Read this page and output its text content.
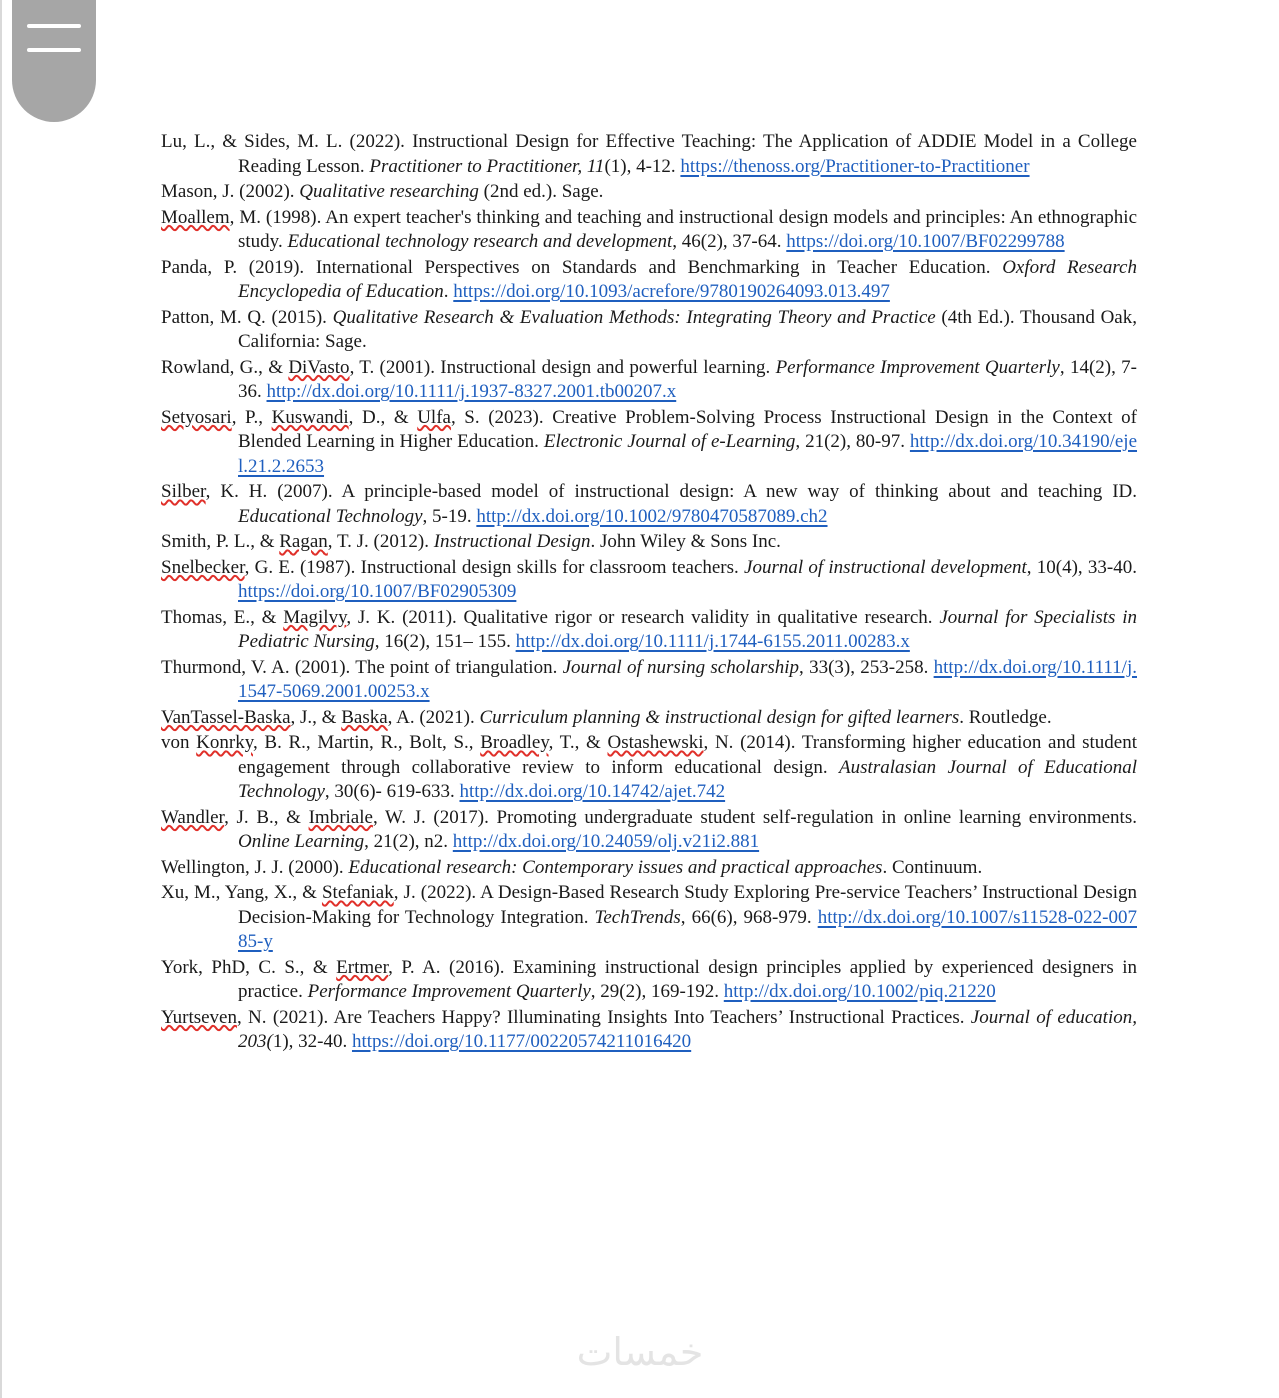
Lu, L., & Sides, M. L. (2022). Instructional Design for Effective Teaching: The Application of ADDIE Model in a College Reading Lesson. Practitioner to Practitioner, 11(1), 4-12. https://thenoss.org/Practitioner-to-Practitioner

Mason, J. (2002). Qualitative researching (2nd ed.). Sage.

Moallem, M. (1998). An expert teacher's thinking and teaching and instructional design models and principles: An ethnographic study. Educational technology research and development, 46(2), 37-64. https://doi.org/10.1007/BF02299788

Panda, P. (2019). International Perspectives on Standards and Benchmarking in Teacher Education. Oxford Research Encyclopedia of Education. https://doi.org/10.1093/acrefore/9780190264093.013.497

Patton, M. Q. (2015). Qualitative Research & Evaluation Methods: Integrating Theory and Practice (4th Ed.). Thousand Oak, California: Sage.

Rowland, G., & DiVasto, T. (2001). Instructional design and powerful learning. Performance Improvement Quarterly, 14(2), 7-36. http://dx.doi.org/10.1111/j.1937-8327.2001.tb00207.x

Setyosari, P., Kuswandi, D., & Ulfa, S. (2023). Creative Problem-Solving Process Instructional Design in the Context of Blended Learning in Higher Education. Electronic Journal of e-Learning, 21(2), 80-97. http://dx.doi.org/10.34190/ejel.21.2.2653

Silber, K. H. (2007). A principle-based model of instructional design: A new way of thinking about and teaching ID. Educational Technology, 5-19. http://dx.doi.org/10.1002/9780470587089.ch2

Smith, P. L., & Ragan, T. J. (2012). Instructional Design. John Wiley & Sons Inc.

Snelbecker, G. E. (1987). Instructional design skills for classroom teachers. Journal of instructional development, 10(4), 33-40. https://doi.org/10.1007/BF02905309

Thomas, E., & Magilvy, J. K. (2011). Qualitative rigor or research validity in qualitative research. Journal for Specialists in Pediatric Nursing, 16(2), 151– 155. http://dx.doi.org/10.1111/j.1744-6155.2011.00283.x

Thurmond, V. A. (2001). The point of triangulation. Journal of nursing scholarship, 33(3), 253-258. http://dx.doi.org/10.1111/j.1547-5069.2001.00253.x

VanTassel-Baska, J., & Baska, A. (2021). Curriculum planning & instructional design for gifted learners. Routledge.

von Konrky, B. R., Martin, R., Bolt, S., Broadley, T., & Ostashewski, N. (2014). Transforming higher education and student engagement through collaborative review to inform educational design. Australasian Journal of Educational Technology, 30(6)- 619-633. http://dx.doi.org/10.14742/ajet.742

Wandler, J. B., & Imbriale, W. J. (2017). Promoting undergraduate student self-regulation in online learning environments. Online Learning, 21(2), n2. http://dx.doi.org/10.24059/olj.v21i2.881

Wellington, J. J. (2000). Educational research: Contemporary issues and practical approaches. Continuum.

Xu, M., Yang, X., & Stefaniak, J. (2022). A Design-Based Research Study Exploring Pre-service Teachers’ Instructional Design Decision-Making for Technology Integration. TechTrends, 66(6), 968-979. http://dx.doi.org/10.1007/s11528-022-00785-y

York, PhD, C. S., & Ertmer, P. A. (2016). Examining instructional design principles applied by experienced designers in practice. Performance Improvement Quarterly, 29(2), 169-192. http://dx.doi.org/10.1002/piq.21220

Yurtseven, N. (2021). Are Teachers Happy? Illuminating Insights Into Teachers’ Instructional Practices. Journal of education, 203(1), 32-40. https://doi.org/10.1177/00220574211016420

خمسات
